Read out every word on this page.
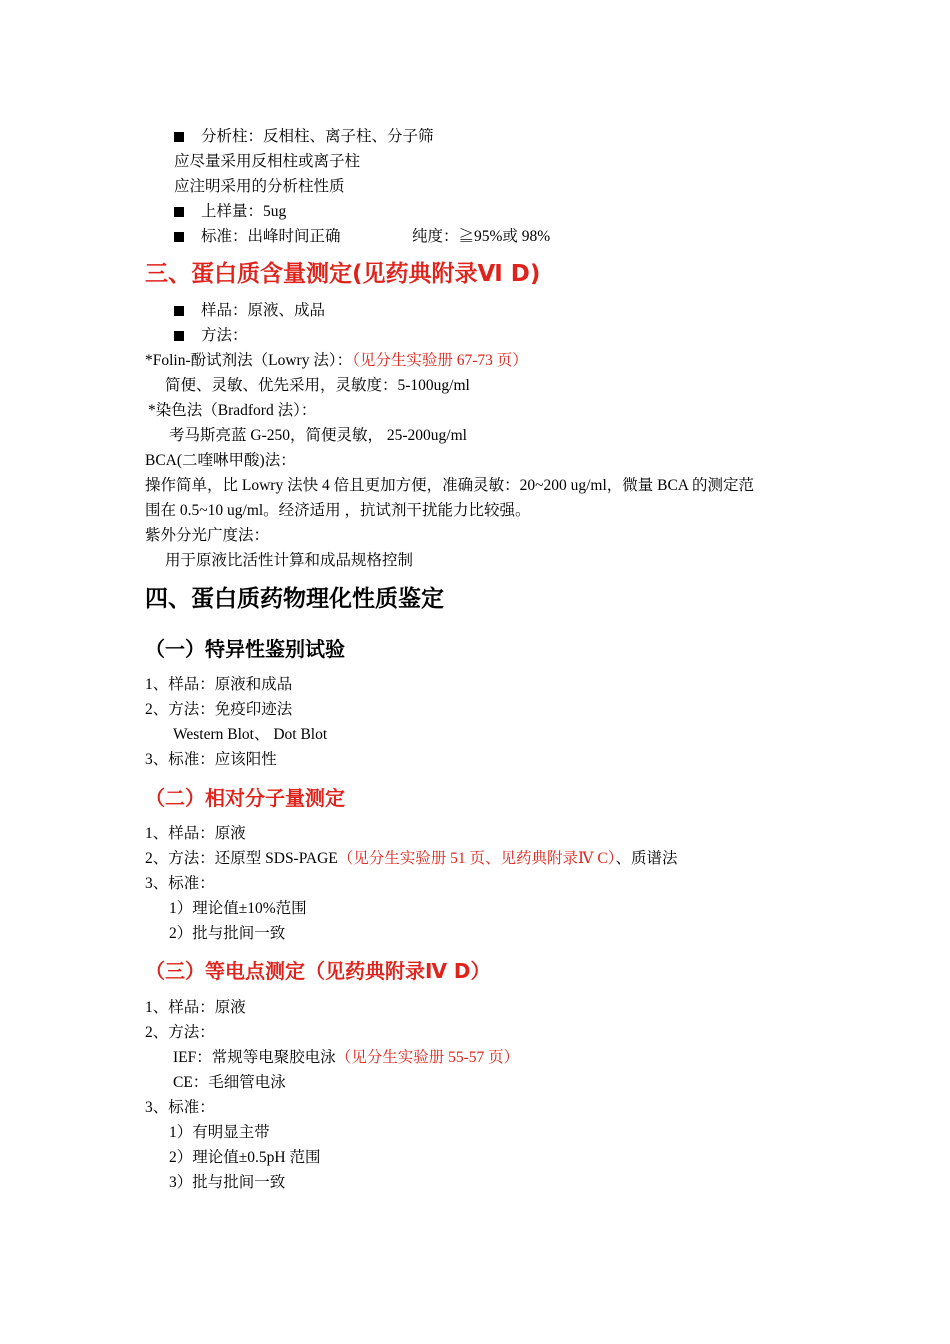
分析柱：反相柱、离子柱、分子筛
应尽量采用反相柱或离子柱
应注明采用的分析柱性质
上样量：5ug
标准：出峰时间正确	纯度：≧95%或 98%
三、蛋白质含量测定(见药典附录Ⅵ D)
样品：原液、成品
方法：
*Folin-酚试剂法（Lowry 法）：（见分生实验册 67-73 页）
简便、灵敏、优先采用，灵敏度：5-100ug/ml
*染色法（Bradford 法）：
考马斯亮蓝 G-250，简便灵敏， 25-200ug/ml
BCA(二喹啉甲酸)法：
操作简单，比 Lowry 法快 4 倍且更加方便，准确灵敏：20~200 ug/ml，微量 BCA 的测定范
围在 0.5~10 ug/ml。经济适用 ，抗试剂干扰能力比较强。
紫外分光广度法：
用于原液比活性计算和成品规格控制
四、蛋白质药物理化性质鉴定
（一）特异性鉴别试验
1、样品：原液和成品
2、方法：免疫印迹法
Western Blot、 Dot Blot
3、标准：应该阳性
（二）相对分子量测定
1、样品：原液
2、方法：还原型 SDS-PAGE（见分生实验册 51 页、见药典附录Ⅳ C）、质谱法
3、标准：
1）理论值±10%范围
2）批与批间一致
（三）等电点测定（见药典附录Ⅳ D）
1、样品：原液
2、方法：
IEF：常规等电聚胶电泳（见分生实验册 55-57 页）
CE：毛细管电泳
3、标准：
1）有明显主带
2）理论值±0.5pH 范围
3）批与批间一致
